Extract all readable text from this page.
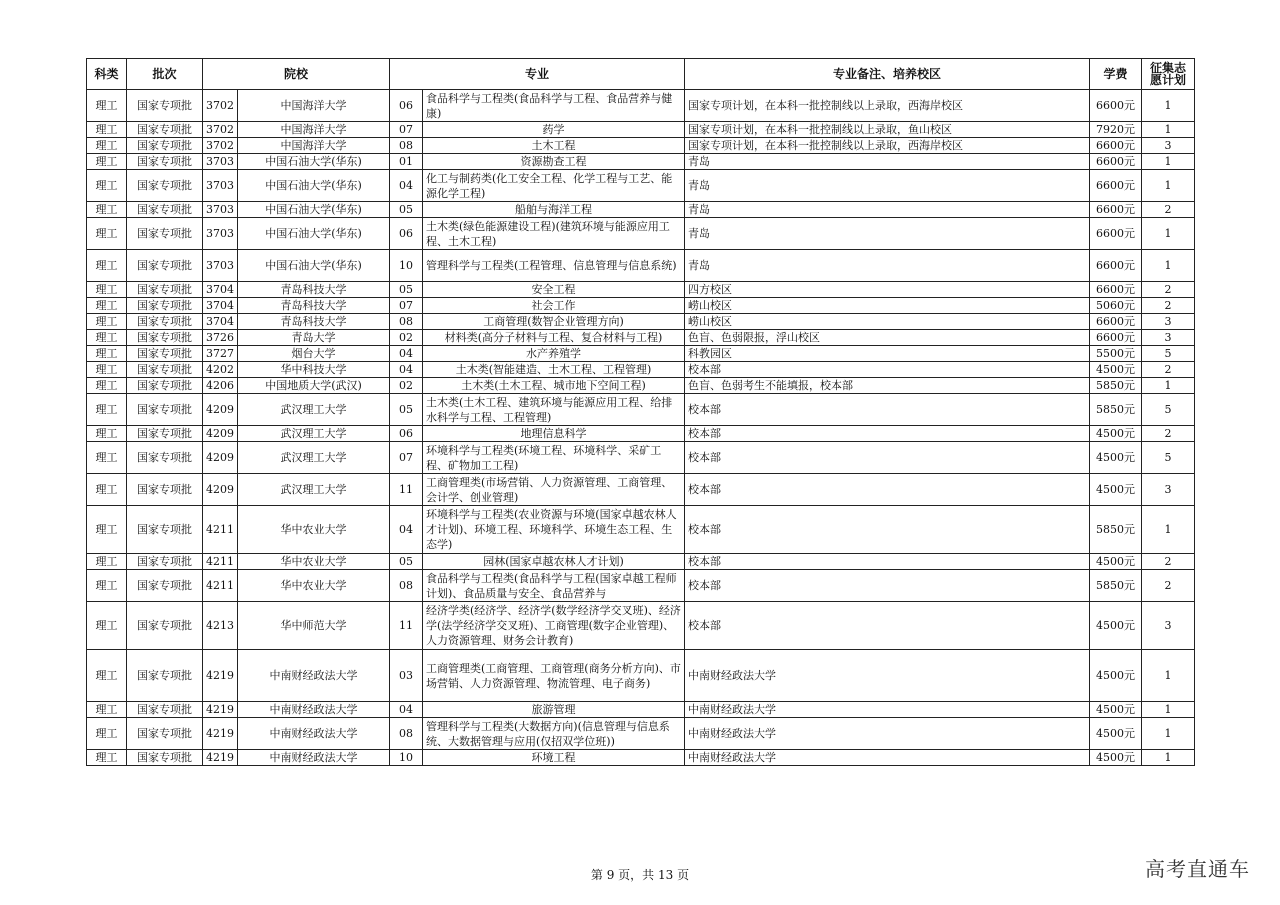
科类	批次	院校		专业		专业备注、培养校区	学费	征集志愿计划
理工	国家专项批	3702	中国海洋大学	06	食品科学与工程类(食品科学与工程、食品营养与健康)	国家专项计划，在本科一批控制线以上录取，西海岸校区	6600元	1
理工	国家专项批	3702	中国海洋大学	07	药学	国家专项计划，在本科一批控制线以上录取，鱼山校区	7920元	1
理工	国家专项批	3702	中国海洋大学	08	土木工程	国家专项计划，在本科一批控制线以上录取，西海岸校区	6600元	3
理工	国家专项批	3703	中国石油大学(华东)	01	资源勘查工程	青岛	6600元	1
理工	国家专项批	3703	中国石油大学(华东)	04	化工与制药类(化工安全工程、化学工程与工艺、能源化学工程)	青岛	6600元	1
理工	国家专项批	3703	中国石油大学(华东)	05	船舶与海洋工程	青岛	6600元	2
理工	国家专项批	3703	中国石油大学(华东)	06	土木类(绿色能源建设工程)(建筑环境与能源应用工程、土木工程)	青岛	6600元	1
理工	国家专项批	3703	中国石油大学(华东)	10	管理科学与工程类(工程管理、信息管理与信息系统)	青岛	6600元	1
理工	国家专项批	3704	青岛科技大学	05	安全工程	四方校区	6600元	2
理工	国家专项批	3704	青岛科技大学	07	社会工作	崂山校区	5060元	2
理工	国家专项批	3704	青岛科技大学	08	工商管理(数智企业管理方向)	崂山校区	6600元	3
理工	国家专项批	3726	青岛大学	02	材料类(高分子材料与工程、复合材料与工程)	色盲、色弱限报，浮山校区	6600元	3
理工	国家专项批	3727	烟台大学	04	水产养殖学	科教园区	5500元	5
理工	国家专项批	4202	华中科技大学	04	土木类(智能建造、土木工程、工程管理)	校本部	4500元	2
理工	国家专项批	4206	中国地质大学(武汉)	02	土木类(土木工程、城市地下空间工程)	色盲、色弱考生不能填报，校本部	5850元	1
理工	国家专项批	4209	武汉理工大学	05	土木类(土木工程、建筑环境与能源应用工程、给排水科学与工程、工程管理)	校本部	5850元	5
理工	国家专项批	4209	武汉理工大学	06	地理信息科学	校本部	4500元	2
理工	国家专项批	4209	武汉理工大学	07	环境科学与工程类(环境工程、环境科学、采矿工程、矿物加工工程)	校本部	4500元	5
理工	国家专项批	4209	武汉理工大学	11	工商管理类(市场营销、人力资源管理、工商管理、会计学、创业管理)	校本部	4500元	3
理工	国家专项批	4211	华中农业大学	04	环境科学与工程类(农业资源与环境(国家卓越农林人才计划)、环境工程、环境科学、环境生态工程、生态学)	校本部	5850元	1
理工	国家专项批	4211	华中农业大学	05	园林(国家卓越农林人才计划)	校本部	4500元	2
理工	国家专项批	4211	华中农业大学	08	食品科学与工程类(食品科学与工程(国家卓越工程师计划)、食品质量与安全、食品营养与	校本部	5850元	2
理工	国家专项批	4213	华中师范大学	11	经济学类(经济学、经济学(数学经济学交叉班)、经济学(法学经济学交叉班)、工商管理(数字企业管理)、人力资源管理、财务会计教育)	校本部	4500元	3
理工	国家专项批	4219	中南财经政法大学	03	工商管理类(工商管理、工商管理(商务分析方向)、市场营销、人力资源管理、物流管理、电子商务)	中南财经政法大学	4500元	1
理工	国家专项批	4219	中南财经政法大学	04	旅游管理	中南财经政法大学	4500元	1
理工	国家专项批	4219	中南财经政法大学	08	管理科学与工程类(大数据方向)(信息管理与信息系统、大数据管理与应用(仅招双学位班))	中南财经政法大学	4500元	1
理工	国家专项批	4219	中南财经政法大学	10	环境工程	中南财经政法大学	4500元	1
第 9 页，共 13 页	高考直通车
